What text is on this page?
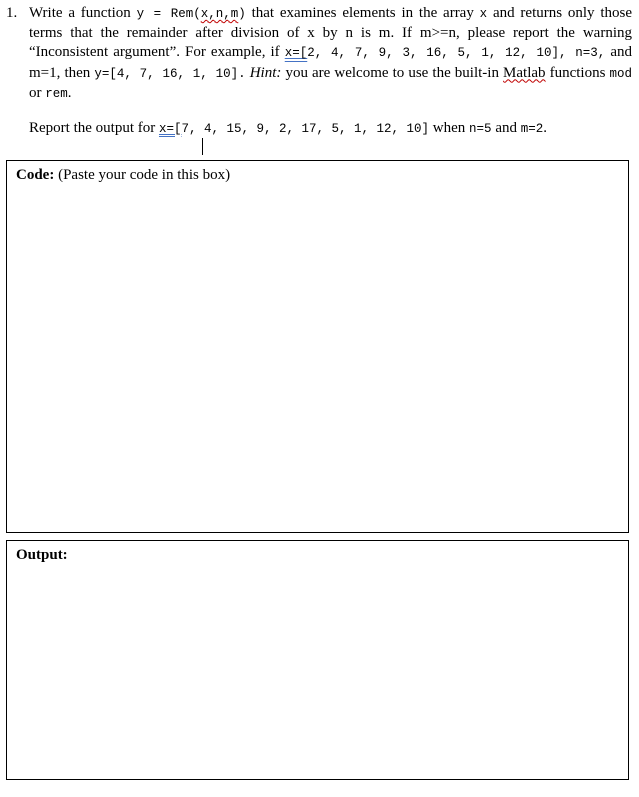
1. Write a function y = Rem(x,n,m) that examines elements in the array x and returns only those terms that the remainder after division of x by n is m. If m>=n, please report the warning “Inconsistent argument”. For example, if x=[2, 4, 7, 9, 3, 16, 5, 1, 12, 10], n=3, and m=1, then y=[4, 7, 16, 1, 10]. Hint: you are welcome to use the built-in Matlab functions mod or rem.
Report the output for x=[7, 4, 15, 9, 2, 17, 5, 1, 12, 10] when n=5 and m=2.
Code: (Paste your code in this box)
Output:
